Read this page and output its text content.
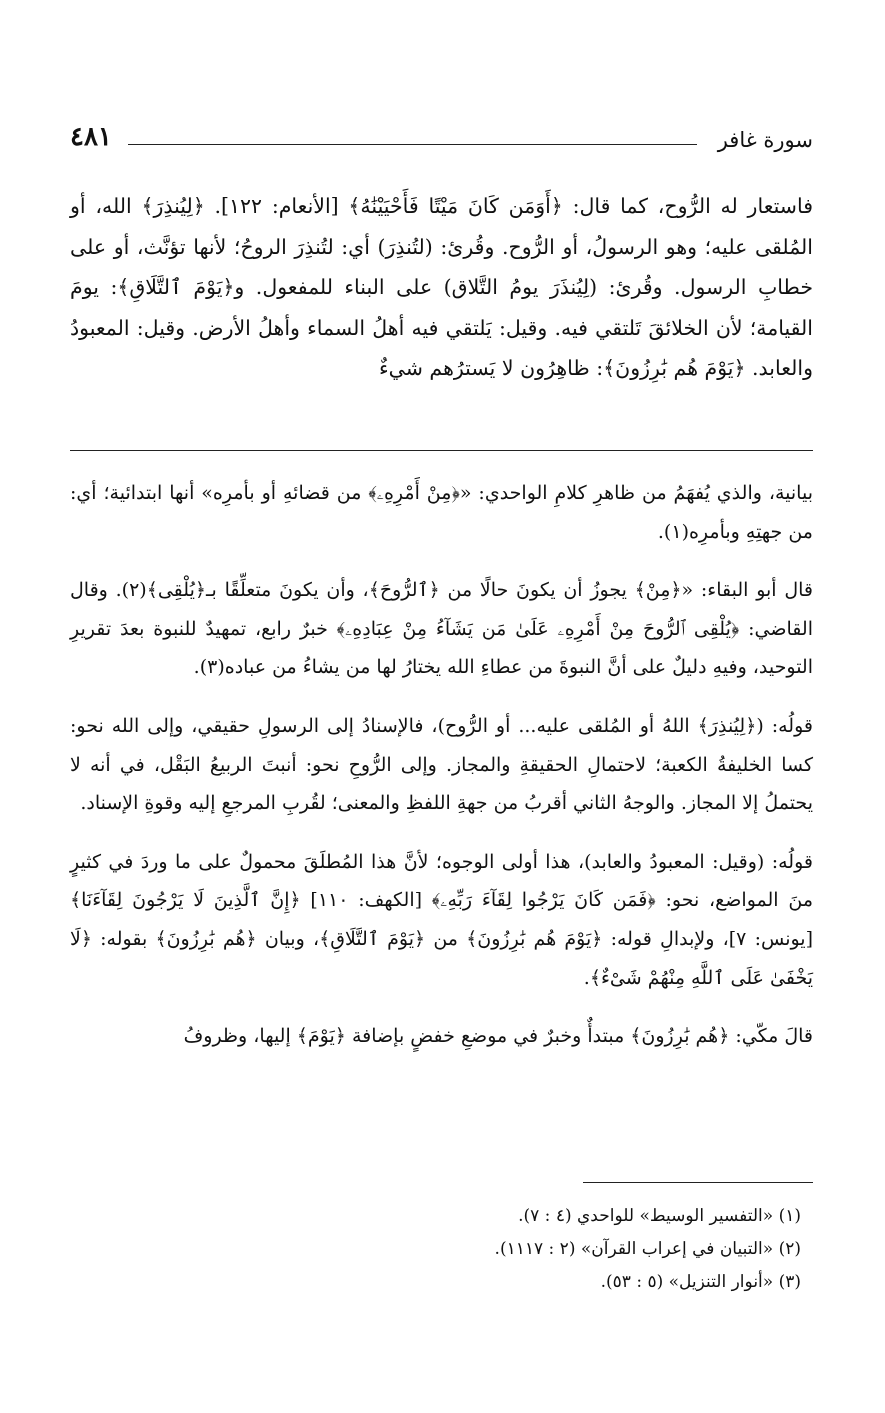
سورة غافر
٤٨١

فاستعار له الرُّوح، كما قال: ﴿أَوَمَن كَانَ مَيْتًا فَأَحْيَيْنَٰهُ﴾ [الأنعام: ١٢٢]. ﴿لِيُنذِرَ﴾ الله، أو المُلقى عليه؛ وهو الرسولُ، أو الرُّوح. وقُرئ: (لتُنذِرَ) أي: لتُنذِرَ الروحُ؛ لأنها تؤنَّث، أو على خطابِ الرسول. وقُرئ: (لِيُنذَرَ يومُ التَّلاق) على البناء للمفعول. و﴿يَوْمَ ٱلتَّلَاقِ﴾: يومَ القيامة؛ لأن الخلائقَ تَلتقي فيه. وقيل: يَلتقي فيه أهلُ السماء وأهلُ الأرض. وقيل: المعبودُ والعابد. ﴿يَوْمَ هُم بَٰرِزُونَ﴾: ظاهِرُون لا يَسترُهم شيءٌ

بيانية، والذي يُفهَمُ من ظاهرِ كلامِ الواحدي: «﴿مِنْ أَمْرِهِۦ﴾ من قضائهِ أو بأمرِه» أنها ابتدائية؛ أي: من جهتِهِ وبأمرِه(١).

قال أبو البقاء: «﴿مِنْ﴾ يجوزُ أن يكونَ حالًا من ﴿ٱلرُّوحَ﴾، وأن يكونَ متعلِّقًا بـ﴿يُلْقِى﴾(٢). وقال القاضي: ﴿يُلْقِى ٱلرُّوحَ مِنْ أَمْرِهِۦ عَلَىٰ مَن يَشَآءُ مِنْ عِبَادِهِۦ﴾ خبرٌ رابع، تمهيدٌ للنبوة بعدَ تقريرِ التوحيد، وفيهِ دليلٌ على أنَّ النبوةَ من عطاءِ الله يختارُ لها من يشاءُ من عباده(٣).

قولُه: (﴿لِيُنذِرَ﴾ اللهُ أو المُلقى عليه... أو الرُّوح)، فالإسنادُ إلى الرسولِ حقيقي، وإلى الله نحو: كسا الخليفةُ الكعبة؛ لاحتمالِ الحقيقةِ والمجاز. وإلى الرُّوحِ نحو: أنبتَ الربيعُ البَقْل، في أنه لا يحتملُ إلا المجاز. والوجهُ الثاني أقربُ من جهةِ اللفظِ والمعنى؛ لقُربِ المرجعِ إليه وقوةِ الإسناد.

قولُه: (وقيل: المعبودُ والعابد)، هذا أولى الوجوه؛ لأنَّ هذا المُطلَقَ محمولٌ على ما وردَ في كثيرٍ منَ المواضع، نحو: ﴿فَمَن كَانَ يَرْجُوا لِقَآءَ رَبِّهِۦ﴾ [الكهف: ١١٠] ﴿إِنَّ ٱلَّذِينَ لَا يَرْجُونَ لِقَآءَنَا﴾ [يونس: ٧]، ولإبدالِ قوله: ﴿يَوْمَ هُم بَٰرِزُونَ﴾ من ﴿يَوْمَ ٱلتَّلَاقِ﴾، وبيان ﴿هُم بَٰرِزُونَ﴾ بقوله: ﴿لَا يَخْفَىٰ عَلَى ٱللَّهِ مِنْهُمْ شَىْءٌ﴾.

قالَ مكّي: ﴿هُم بَٰرِزُونَ﴾ مبتدأٌ وخبرٌ في موضعِ خفضٍ بإضافة ﴿يَوْمَ﴾ إليها، وظروفُ

(١) «التفسير الوسيط» للواحدي (٤ : ٧).
(٢) «التبيان في إعراب القرآن» (٢ : ١١١٧).
(٣) «أنوار التنزيل» (٥ : ٥٣).
